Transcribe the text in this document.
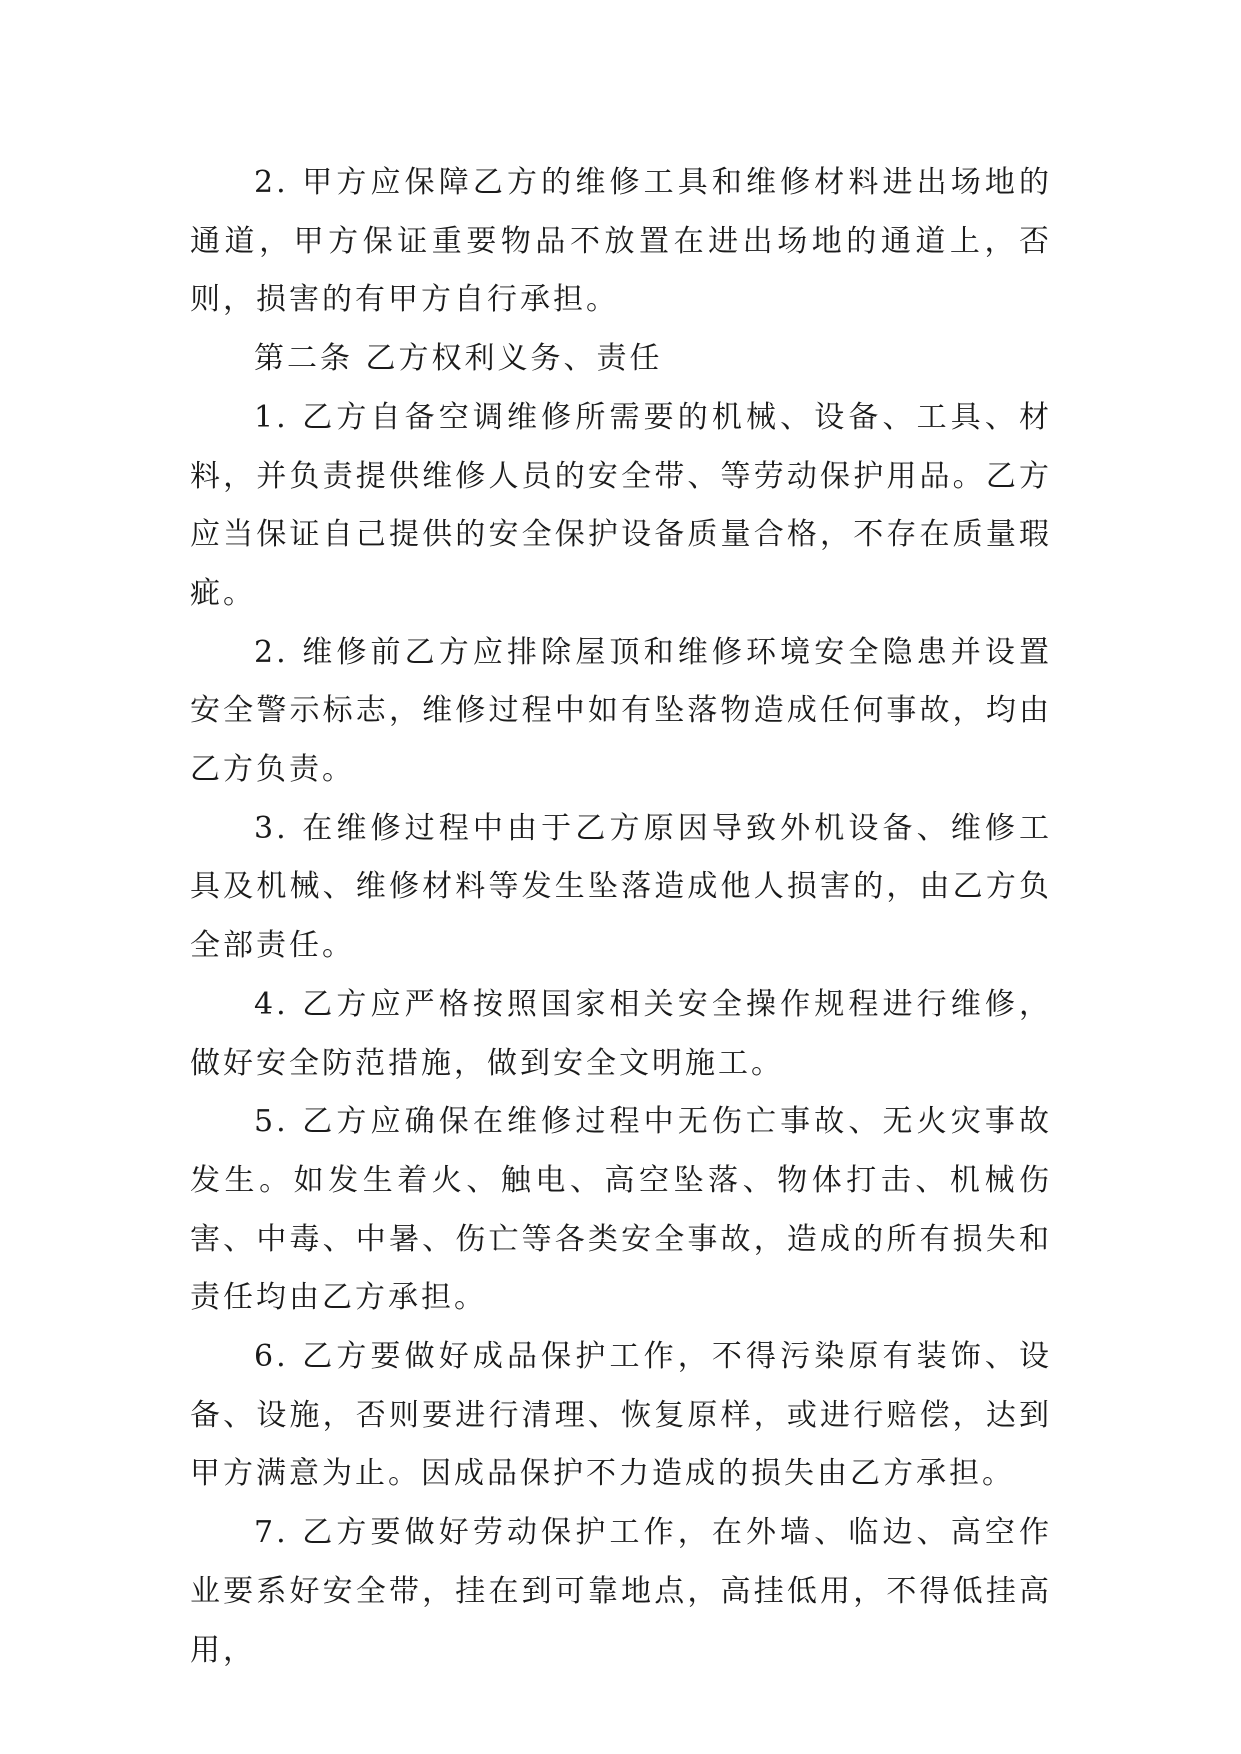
2. 甲方应保障乙方的维修工具和维修材料进出场地的通道，甲方保证重要物品不放置在进出场地的通道上，否则，损害的有甲方自行承担。

第二条 乙方权利义务、责任

1. 乙方自备空调维修所需要的机械、设备、工具、材料，并负责提供维修人员的安全带、等劳动保护用品。乙方应当保证自己提供的安全保护设备质量合格，不存在质量瑕疵。

2. 维修前乙方应排除屋顶和维修环境安全隐患并设置安全警示标志，维修过程中如有坠落物造成任何事故，均由乙方负责。

3. 在维修过程中由于乙方原因导致外机设备、维修工具及机械、维修材料等发生坠落造成他人损害的，由乙方负全部责任。

4. 乙方应严格按照国家相关安全操作规程进行维修，做好安全防范措施，做到安全文明施工。

5. 乙方应确保在维修过程中无伤亡事故、无火灾事故发生。如发生着火、触电、高空坠落、物体打击、机械伤害、中毒、中暑、伤亡等各类安全事故，造成的所有损失和责任均由乙方承担。

6. 乙方要做好成品保护工作，不得污染原有装饰、设备、设施，否则要进行清理、恢复原样，或进行赔偿，达到甲方满意为止。因成品保护不力造成的损失由乙方承担。

7. 乙方要做好劳动保护工作，在外墙、临边、高空作业要系好安全带，挂在到可靠地点，高挂低用，不得低挂高用，
